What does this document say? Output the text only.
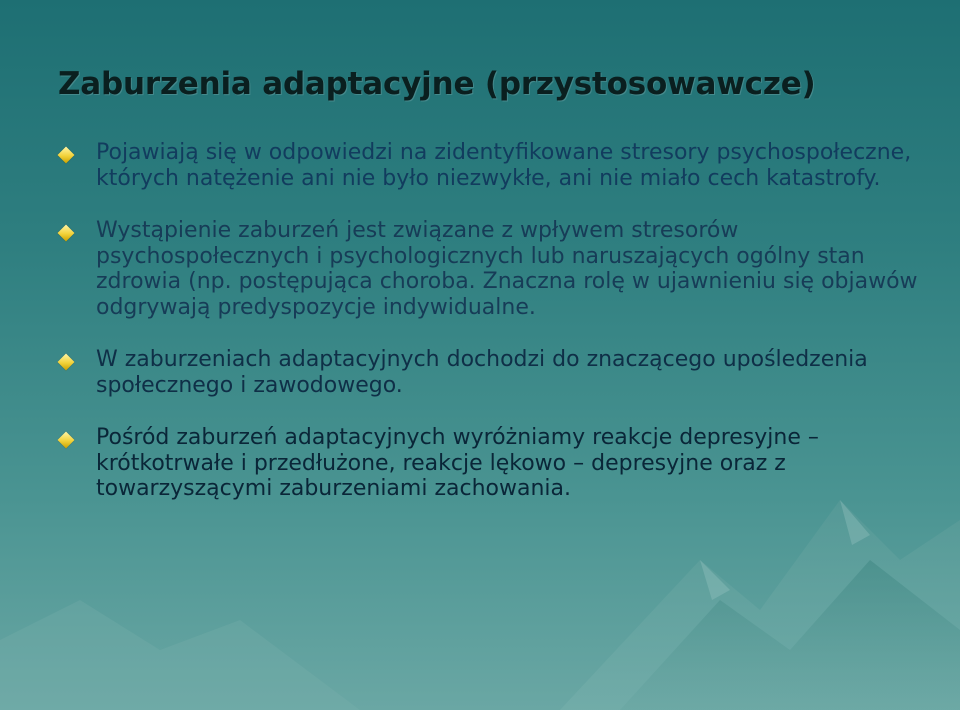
Zaburzenia adaptacyjne (przystosowawcze)
Pojawiają się w odpowiedzi na zidentyfikowane stresory psychospołeczne, których natężenie ani nie było niezwykłe, ani nie miało cech katastrofy.
Wystąpienie zaburzeń jest związane z wpływem stresorów psychospołecznych i psychologicznych lub naruszających ogólny stan zdrowia (np. postępująca choroba. Znaczna rolę w ujawnieniu się objawów odgrywają predyspozycje indywidualne.
W zaburzeniach adaptacyjnych dochodzi do znaczącego upośledzenia społecznego i zawodowego.
Pośród zaburzeń adaptacyjnych wyróżniamy reakcje depresyjne – krótkotrwałe i przedłużone, reakcje lękowo – depresyjne oraz z towarzyszącymi zaburzeniami zachowania.
